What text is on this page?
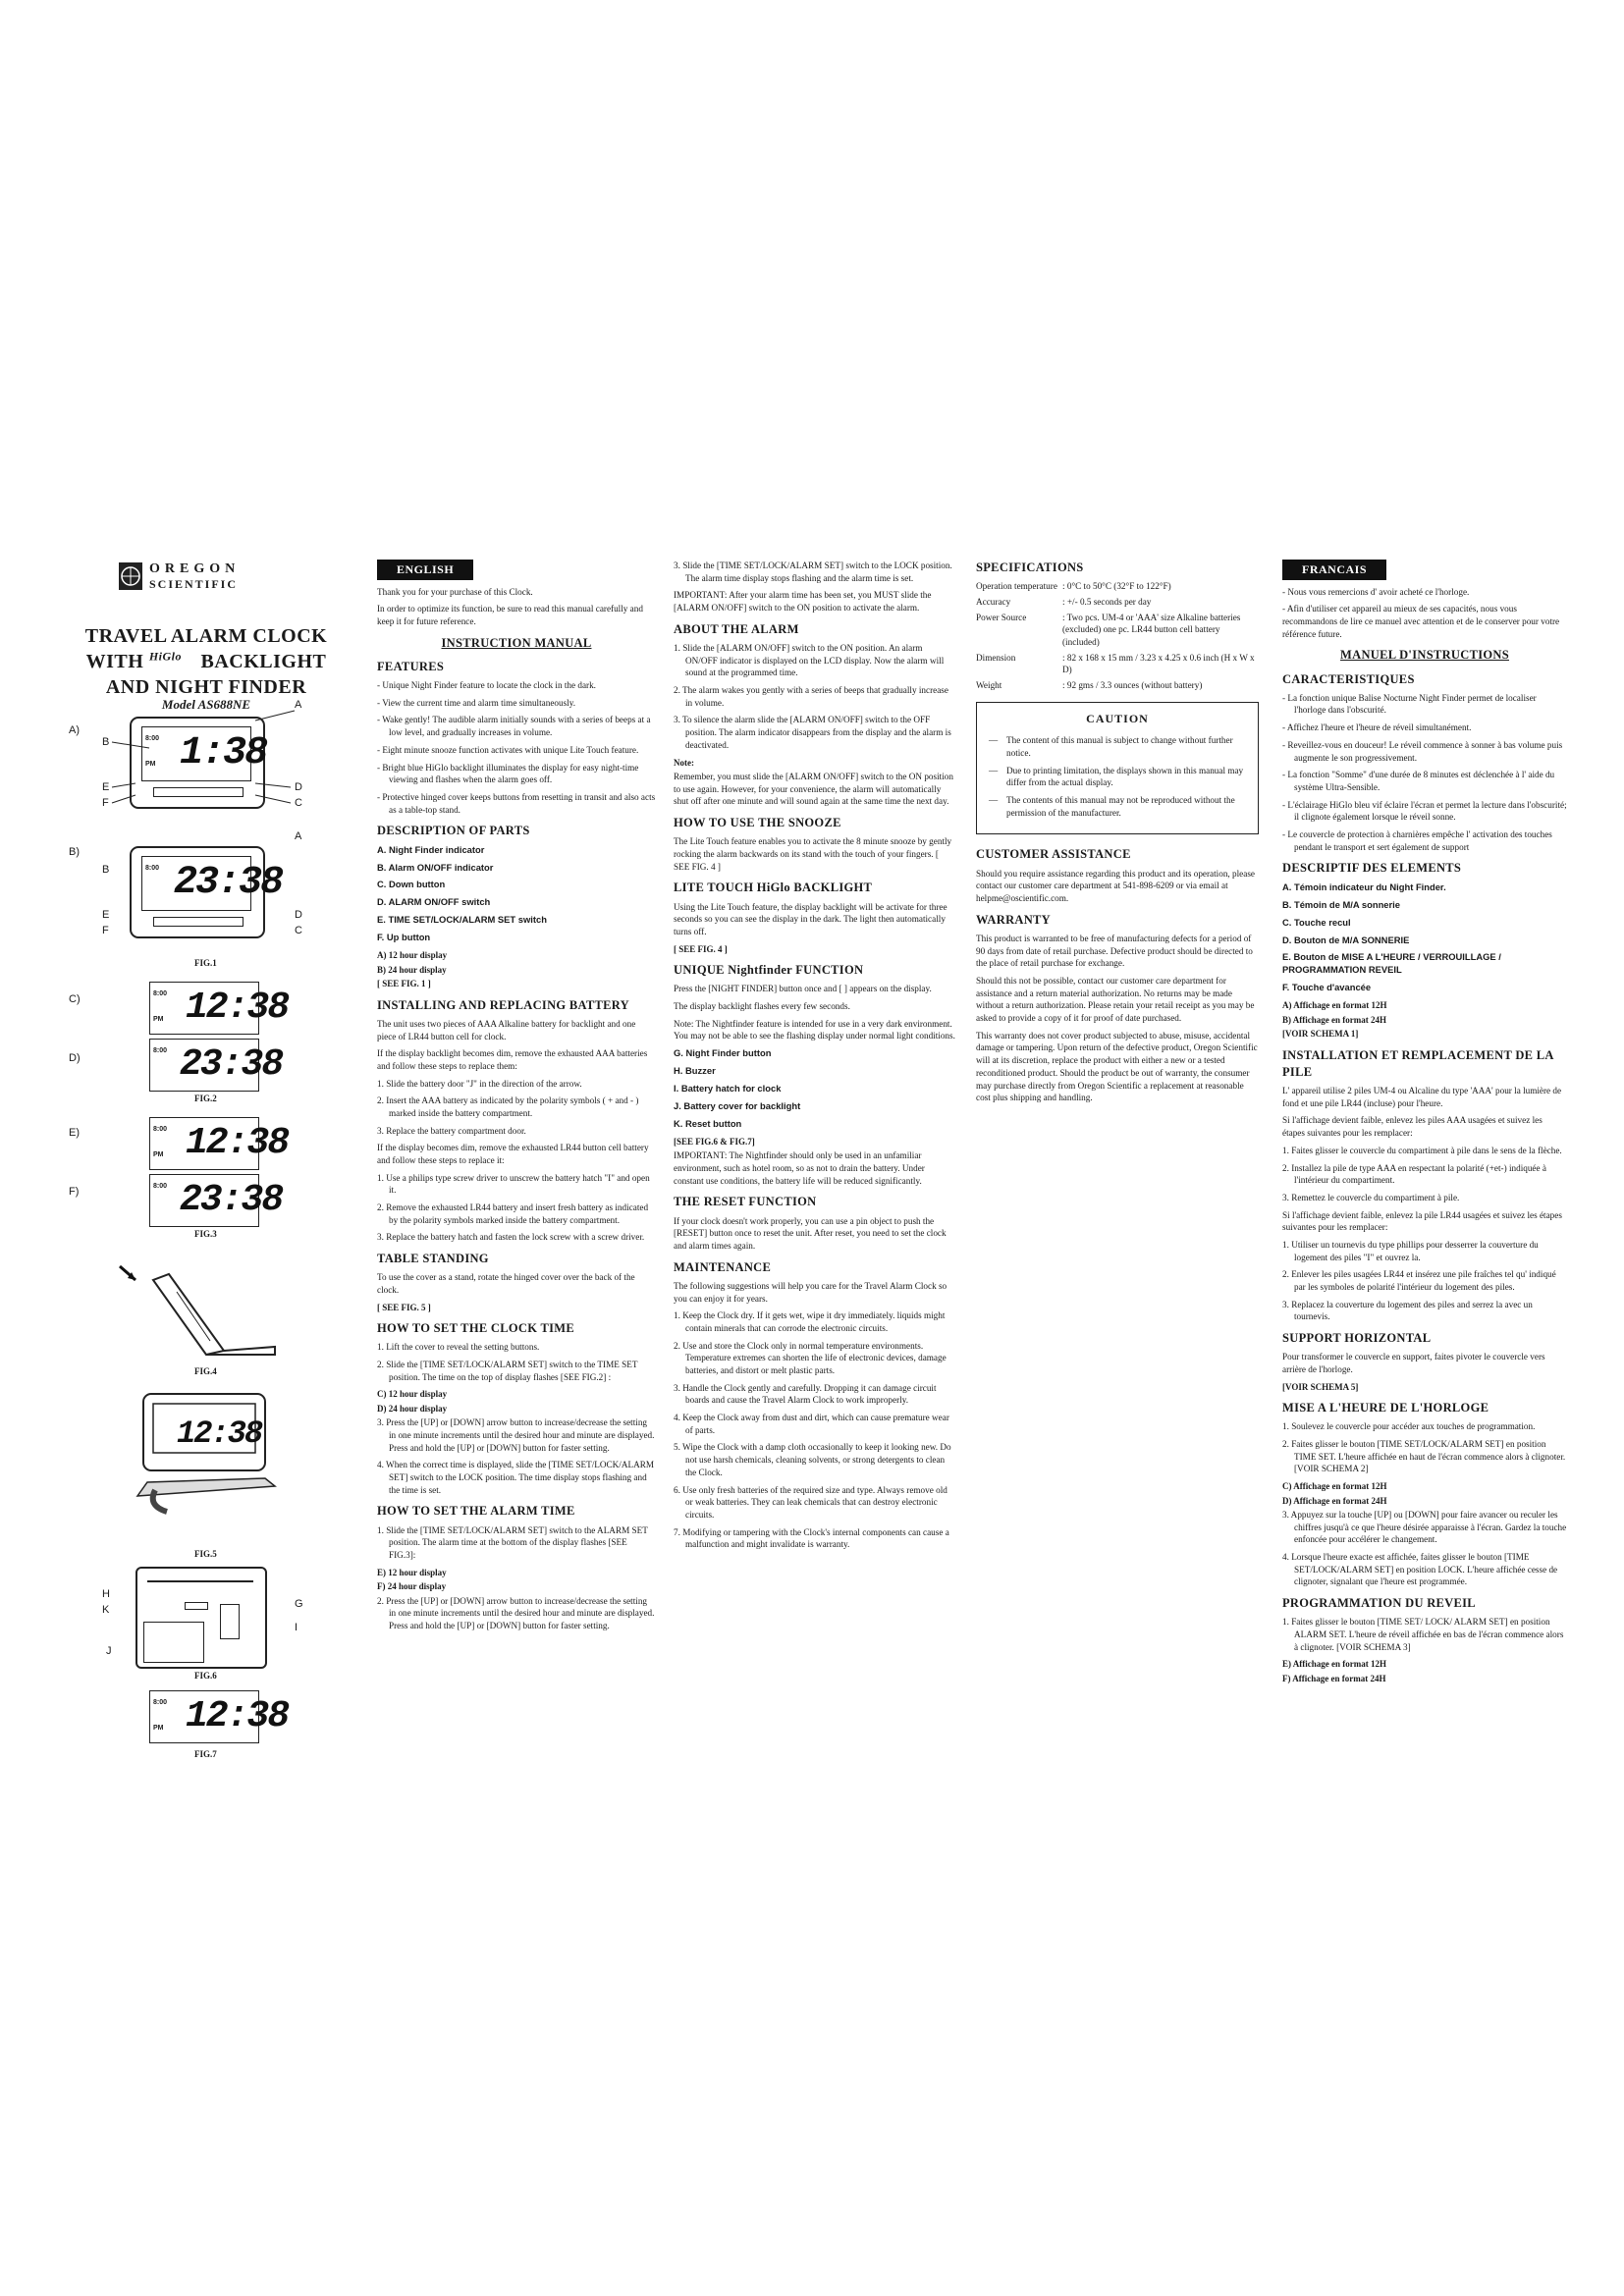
OREGON
SCIENTIFIC
TRAVEL ALARM CLOCK
WITH $^{HiGlo}$ BACKLIGHT
AND NIGHT FINDER
Model AS688NE
A)
8:00
PM 1:38
A
B
E
F
D
C
B)
8:00 23:38
A
B
E
F
D
C
FIG.1
C)	8:00
PM 12:38
D)
8:00 23:38
FIG.2
E)	8:00
PM 12:38
F)	8:00 23:38
FIG.3
FIG.4
12:38
FIG.5
H
K	G
I
J
FIG.6
8:00
PM 12:38
FIG.7
ENGLISH

Thank you for your purchase of this Clock.

In order to optimize its function, be sure to read this manual carefully and keep it for future reference.

INSTRUCTION MANUAL
FEATURES

- Unique Night Finder feature to locate the clock in the dark.

- View the current time and alarm time simultaneously.

- Wake gently! The audible alarm initially sounds with a series of beeps at a low level, and gradually increases in volume.

- Eight minute snooze function activates with unique Lite Touch feature.

- Bright blue HiGlo backlight illuminates the display for easy night-time viewing and flashes when the alarm goes off.

- Protective hinged cover keeps buttons from resetting in transit and also acts as a table-top stand.

DESCRIPTION OF PARTS

A. Night Finder indicator

B. Alarm ON/OFF indicator

C. Down button

D. ALARM ON/OFF switch

E. TIME SET/LOCK/ALARM SET switch

F. Up button

A) 12 hour display
B) 24 hour display
[ SEE FIG. 1 ]
INSTALLING AND REPLACING BATTERY

The unit uses two pieces of AAA Alkaline battery for backlight and one piece of LR44 button cell for clock.

If the display backlight becomes dim, remove the exhausted AAA batteries and follow these steps to replace them:

1. Slide the battery door "J" in the direction of the arrow.

2. Insert the AAA battery as indicated by the polarity symbols ( + and - ) marked inside the battery compartment.

3. Replace the battery compartment door.

If the display becomes dim, remove the exhausted LR44 button cell battery and follow these steps to replace it:

1. Use a philips type screw driver to unscrew the battery hatch "I" and open it.

2. Remove the exhausted LR44 battery and insert fresh battery as indicated by the polarity symbols marked inside the battery compartment.

3. Replace the battery hatch and fasten the lock screw with a screw driver.

TABLE STANDING

To use the cover as a stand, rotate the hinged cover over the back of the clock.

[ SEE FIG. 5 ]
HOW TO SET THE CLOCK TIME

1. Lift the cover to reveal the setting buttons.

2. Slide the [TIME SET/LOCK/ALARM SET] switch to the TIME SET position. The time on the top of display flashes [SEE FIG.2] :

C) 12 hour display
D) 24 hour display

3. Press the [UP] or [DOWN] arrow button to increase/decrease the setting in one minute increments until the desired hour and minute are displayed. Press and hold the [UP] or [DOWN] button for faster setting.

4. When the correct time is displayed, slide the [TIME SET/LOCK/ALARM SET] switch to the LOCK position. The time display stops flashing and the time is set.

HOW TO SET THE ALARM TIME

1. Slide the [TIME SET/LOCK/ALARM SET] switch to the ALARM SET position. The alarm time at the bottom of the display flashes [SEE FIG.3]:

E) 12 hour display
F) 24 hour display

2. Press the [UP] or [DOWN] arrow button to increase/decrease the setting in one minute increments until the desired hour and minute are displayed. Press and hold the [UP] or [DOWN] button for faster setting.

3. Slide the [TIME SET/LOCK/ALARM SET] switch to the LOCK position. The alarm time display stops flashing and the alarm time is set.

IMPORTANT: After your alarm time has been set, you MUST slide the [ALARM ON/OFF] switch to the ON position to activate the alarm.

ABOUT THE ALARM

1. Slide the [ALARM ON/OFF] switch to the ON position. An alarm ON/OFF indicator is displayed on the LCD display. Now the alarm will sound at the programmed time.

2. The alarm wakes you gently with a series of beeps that gradually increase in volume.

3. To silence the alarm slide the [ALARM ON/OFF] switch to the OFF position. The alarm indicator disappears from the display and the alarm is deactivated.

Note:

Remember, you must slide the [ALARM ON/OFF] switch to the ON position to use again. However, for your convenience, the alarm will automatically shut off after one minute and will sound again at the same time the next day.

HOW TO USE THE SNOOZE

The Lite Touch feature enables you to activate the 8 minute snooze by gently rocking the alarm backwards on its stand with the touch of your fingers. [ SEE FIG. 4 ]

LITE TOUCH HiGlo BACKLIGHT

Using the Lite Touch feature, the display backlight will be activate for three seconds so you can see the display in the dark. The light then automatically turns off.

[ SEE FIG. 4 ]
UNIQUE Nightfinder FUNCTION

Press the [NIGHT FINDER] button once and [ ] appears on the display.

The display backlight flashes every few seconds.

Note: The Nightfinder feature is intended for use in a very dark environment. You may not be able to see the flashing display under normal light conditions.

G. Night Finder button

H. Buzzer

I. Battery hatch for clock

J. Battery cover for backlight

K. Reset button

[SEE FIG.6 & FIG.7]

IMPORTANT: The Nightfinder should only be used in an unfamiliar environment, such as hotel room, so as not to drain the battery. Under constant use conditions, the battery life will be reduced significantly.

THE RESET FUNCTION

If your clock doesn't work properly, you can use a pin object to push the [RESET] button once to reset the unit. After reset, you need to set the clock and alarm times again.

MAINTENANCE

The following suggestions will help you care for the Travel Alarm Clock so you can enjoy it for years.

1. Keep the Clock dry. If it gets wet, wipe it dry immediately. liquids might contain minerals that can corrode the electronic circuits.

2. Use and store the Clock only in normal temperature environments. Temperature extremes can shorten the life of electronic devices, damage batteries, and distort or melt plastic parts.

3. Handle the Clock gently and carefully. Dropping it can damage circuit boards and cause the Travel Alarm Clock to work improperly.

4. Keep the Clock away from dust and dirt, which can cause premature wear of parts.

5. Wipe the Clock with a damp cloth occasionally to keep it looking new. Do not use harsh chemicals, cleaning solvents, or strong detergents to clean the Clock.

6. Use only fresh batteries of the required size and type. Always remove old or weak batteries. They can leak chemicals that can destroy electronic circuits.

7. Modifying or tampering with the Clock's internal components can cause a malfunction and might invalidate is warranty.

SPECIFICATIONS
Operation temperature : 0°C to 50°C (32°F to 122°F)
Accuracy	: +/- 0.5 seconds per day
Power Source	: Two pcs. UM-4 or 'AAA' size Alkaline batteries (excluded) one pc. LR44 button cell battery (included)
Dimension	: 82 x 168 x 15 mm / 3.23 x 4.25 x 0.6 inch (H x W x D)
Weight	: 92 gms / 3.3 ounces (without battery)
CAUTION
— The content of this manual is subject to change without further notice.
— Due to printing limitation, the displays shown in this manual may differ from the actual display.
— The contents of this manual may not be reproduced without the permission of the manufacturer.
CUSTOMER ASSISTANCE

Should you require assistance regarding this product and its operation, please contact our customer care department at 541-898-6209 or via email at helpme@oscientific.com.

WARRANTY

This product is warranted to be free of manufacturing defects for a period of 90 days from date of retail purchase. Defective product should be directed to the place of retail purchase for exchange.

Should this not be possible, contact our customer care department for assistance and a return material authorization. No returns may be made without a return authorization. Please retain your retail receipt as you may be asked to provide a copy of it for proof of date purchased.

This warranty does not cover product subjected to abuse, misuse, accidental damage or tampering. Upon return of the defective product, Oregon Scientific will at its discretion, replace the product with either a new or a tested reconditioned product. Should the product be out of warranty, the consumer may purchase directly from Oregon Scientific a replacement at reasonable cost plus shipping and handling.

FRANCAIS

- Nous vous remercions d' avoir acheté ce l'horloge.

- Afin d'utiliser cet appareil au mieux de ses capacités, nous vous recommandons de lire ce manuel avec attention et de le conserver pour votre référence future.

MANUEL D'INSTRUCTIONS
CARACTERISTIQUES

- La fonction unique Balise Nocturne Night Finder permet de localiser l'horloge dans l'obscurité.

- Affichez l'heure et l'heure de réveil simultanément.

- Reveillez-vous en douceur! Le réveil commence à sonner à bas volume puis augmente le son progressivement.

- La fonction "Somme" d'une durée de 8 minutes est déclenchée à l' aide du système Ultra-Sensible.

- L'éclairage HiGlo bleu vif éclaire l'écran et permet la lecture dans l'obscurité; il clignote également lorsque le réveil sonne.

- Le couvercle de protection à charnières empêche l' activation des touches pendant le transport et sert également de support

DESCRIPTIF DES ELEMENTS

A. Témoin indicateur du Night Finder.

B. Témoin de M/A sonnerie

C. Touche recul

D. Bouton de M/A SONNERIE

E. Bouton de MISE A L'HEURE / VERROUILLAGE / PROGRAMMATION REVEIL

F. Touche d'avancée

A) Affichage en format 12H
B) Affichage en format 24H
[VOIR SCHEMA 1]
INSTALLATION ET REMPLACEMENT DE LA PILE

L' appareil utilise 2 piles UM-4 ou Alcaline du type 'AAA' pour la lumière de fond et une pile LR44 (incluse) pour l'heure.

Si l'affichage devient faible, enlevez les piles AAA usagées et suivez les étapes suivantes pour les remplacer:

1. Faites glisser le couvercle du compartiment à pile dans le sens de la flèche.

2. Installez la pile de type AAA en respectant la polarité (+et-) indiquée à l'intérieur du compartiment.

3. Remettez le couvercle du compartiment à pile.

Si l'affichage devient faible, enlevez la pile LR44 usagées et suivez les étapes suivantes pour les remplacer:

1. Utiliser un tournevis du type phillips pour desserrer la couverture du logement des piles "I" et ouvrez la.

2. Enlever les piles usagées LR44 et insérez une pile fraîches tel qu' indiqué par les symboles de polarité l'intérieur du logement des piles.

3. Replacez la couverture du logement des piles and serrez la avec un tournevis.

SUPPORT HORIZONTAL

Pour transformer le couvercle en support, faites pivoter le couvercle vers arrière de l'horloge.

[VOIR SCHEMA 5]
MISE A L'HEURE DE L'HORLOGE

1. Soulevez le couvercle pour accéder aux touches de programmation.

2. Faites glisser le bouton [TIME SET/LOCK/ALARM SET] en position TIME SET. L'heure affichée en haut de l'écran commence alors à clignoter. [VOIR SCHEMA 2]

C) Affichage en format 12H
D) Affichage en format 24H

3. Appuyez sur la touche [UP] ou [DOWN] pour faire avancer ou reculer les chiffres jusqu'à ce que l'heure désirée apparaisse à l'écran. Gardez la touche enfoncée pour accélérer le changement.

4. Lorsque l'heure exacte est affichée, faites glisser le bouton [TIME SET/LOCK/ALARM SET] en position LOCK. L'heure affichée cesse de clignoter, signalant que l'heure est programmée.

PROGRAMMATION DU REVEIL

1. Faites glisser le bouton [TIME SET/ LOCK/ ALARM SET] en position ALARM SET. L'heure de réveil affichée en bas de l'écran commence alors à clignoter. [VOIR SCHEMA 3]

E) Affichage en format 12H
F) Affichage en format 24H
